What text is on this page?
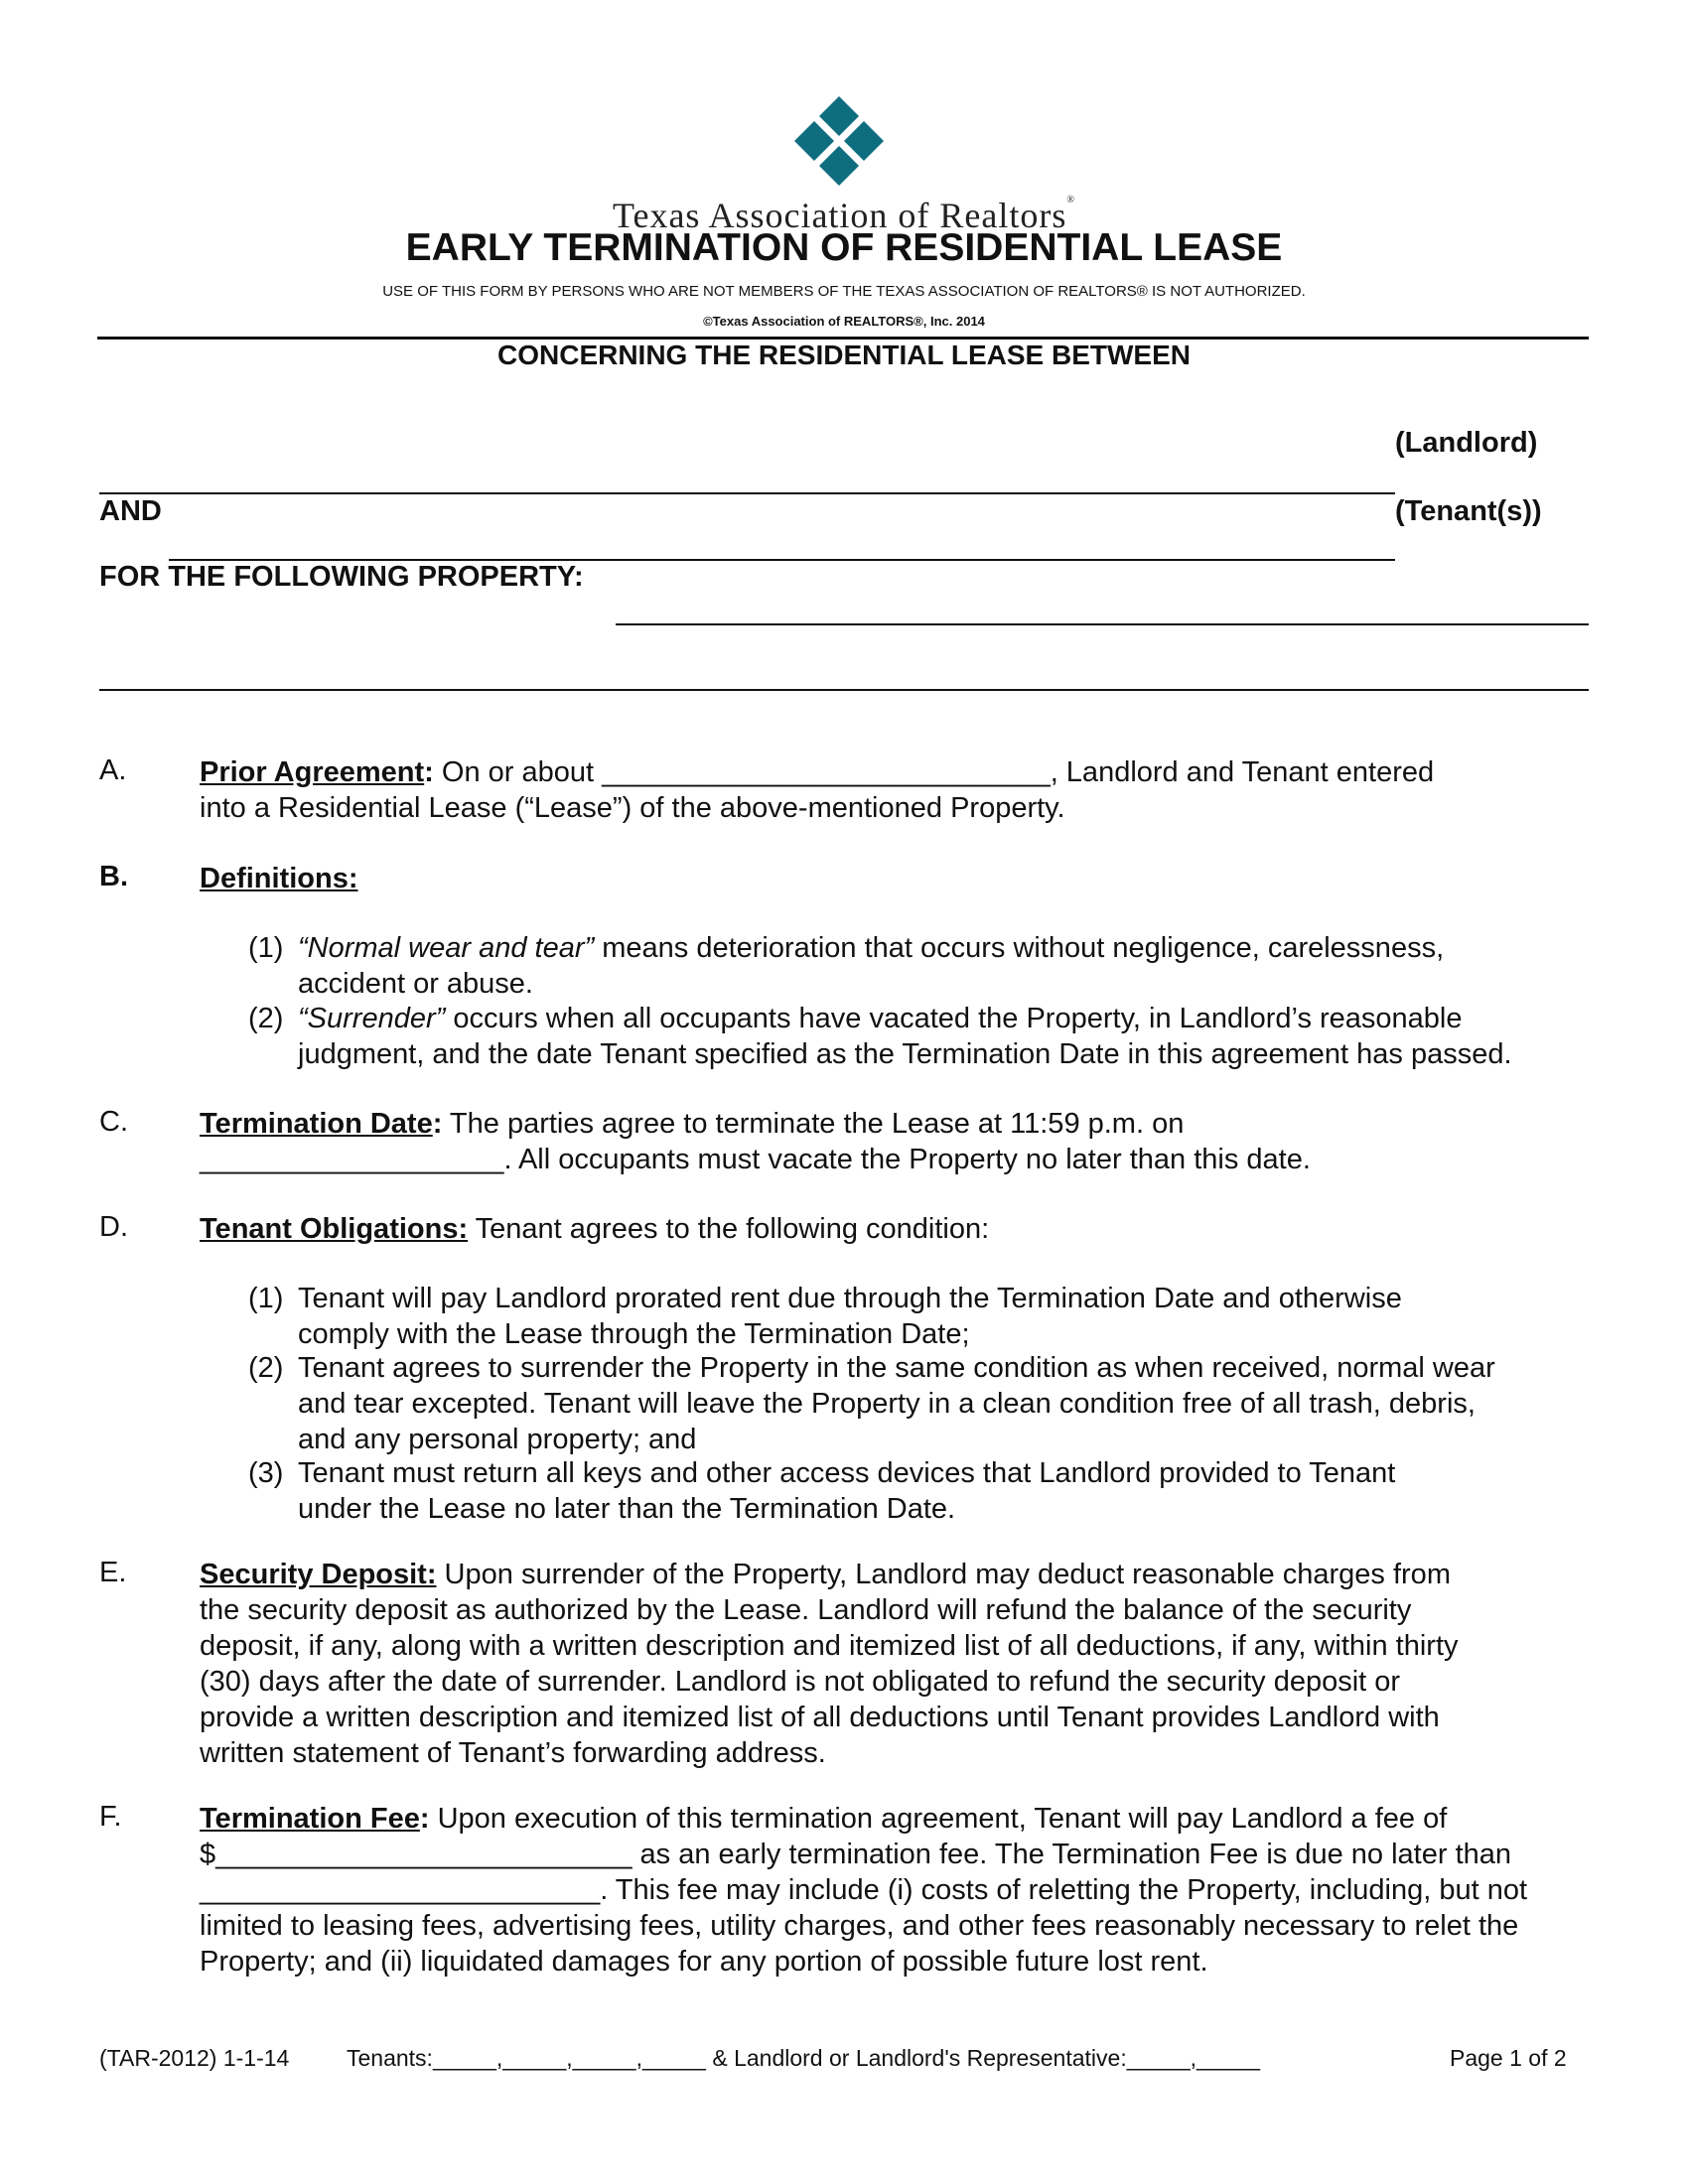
Texas Association of Realtors®
EARLY TERMINATION OF RESIDENTIAL LEASE
USE OF THIS FORM BY PERSONS WHO ARE NOT MEMBERS OF THE TEXAS ASSOCIATION OF REALTORS® IS NOT AUTHORIZED.
©Texas Association of REALTORS®, Inc. 2014
CONCERNING THE RESIDENTIAL LEASE BETWEEN
(Landlord)
AND	(Tenant(s))
FOR THE FOLLOWING PROPERTY:
A.	Prior Agreement: On or about ____________________________, Landlord and Tenant entered
into a Residential Lease (“Lease”) of the above-mentioned Property.
B. Definitions:
(1) “Normal wear and tear” means deterioration that occurs without negligence, carelessness,
accident or abuse.
(2) “Surrender” occurs when all occupants have vacated the Property, in Landlord’s reasonable
judgment, and the date Tenant specified as the Termination Date in this agreement has passed.
C. Termination Date: The parties agree to terminate the Lease at 11:59 p.m. on
___________________. All occupants must vacate the Property no later than this date.
D. Tenant Obligations: Tenant agrees to the following condition:
(1) Tenant will pay Landlord prorated rent due through the Termination Date and otherwise
comply with the Lease through the Termination Date;
(2) Tenant agrees to surrender the Property in the same condition as when received, normal wear
and tear excepted. Tenant will leave the Property in a clean condition free of all trash, debris,
and any personal property; and
(3) Tenant must return all keys and other access devices that Landlord provided to Tenant
under the Lease no later than the Termination Date.
E.	Security Deposit: Upon surrender of the Property, Landlord may deduct reasonable charges from
the security deposit as authorized by the Lease. Landlord will refund the balance of the security
deposit, if any, along with a written description and itemized list of all deductions, if any, within thirty
(30) days after the date of surrender. Landlord is not obligated to refund the security deposit or
provide a written description and itemized list of all deductions until Tenant provides Landlord with
written statement of Tenant’s forwarding address.
F.	Termination Fee: Upon execution of this termination agreement, Tenant will pay Landlord a fee of
$__________________________ as an early termination fee. The Termination Fee is due no later than
_________________________. This fee may include (i) costs of reletting the Property, including, but not
limited to leasing fees, advertising fees, utility charges, and other fees reasonably necessary to relet the
Property; and (ii) liquidated damages for any portion of possible future lost rent.
(TAR-2012) 1-1-14	Tenants:_____,_____,_____,_____ & Landlord or Landlord's Representative:_____,_____	Page 1 of 2
